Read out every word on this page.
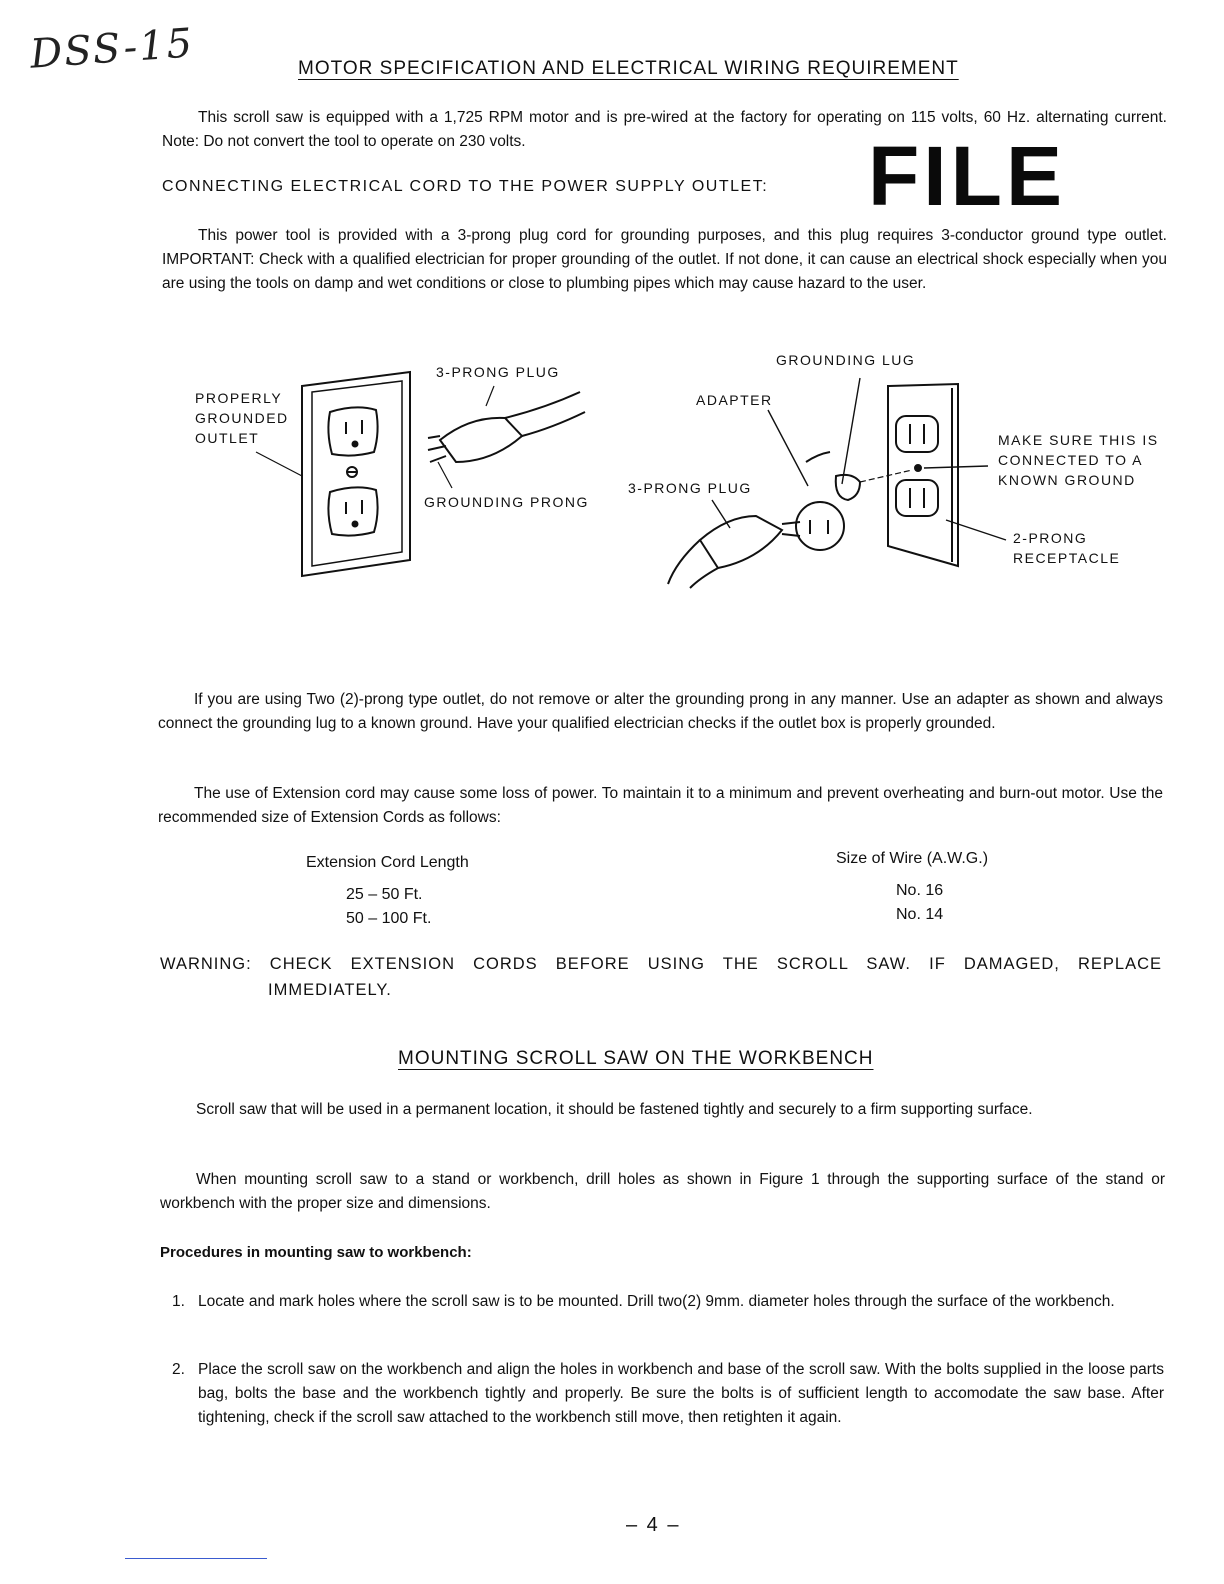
DSS-15
FILE
MOTOR SPECIFICATION AND ELECTRICAL WIRING REQUIREMENT
This scroll saw is equipped with a 1,725 RPM motor and is pre-wired at the factory for operating on 115 volts, 60 Hz. alternating current. Note: Do not convert the tool to operate on 230 volts.
CONNECTING ELECTRICAL CORD TO THE POWER SUPPLY OUTLET:
This power tool is provided with a 3-prong plug cord for grounding purposes, and this plug requires 3-conductor ground type outlet. IMPORTANT: Check with a qualified electrician for proper grounding of the outlet. If not done, it can cause an electrical shock especially when you are using the tools on damp and wet conditions or close to plumbing pipes which may cause hazard to the user.
PROPERLY
GROUNDED
OUTLET
3-PRONG PLUG
GROUNDING PRONG
GROUNDING LUG
ADAPTER
3-PRONG PLUG
MAKE SURE THIS IS
CONNECTED TO A
KNOWN GROUND
2-PRONG
RECEPTACLE
If you are using Two (2)-prong type outlet, do not remove or alter the grounding prong in any manner. Use an adapter as shown and always connect the grounding lug to a known ground. Have your qualified electrician checks if the outlet box is properly grounded.
The use of Extension cord may cause some loss of power. To maintain it to a minimum and prevent overheating and burn-out motor. Use the recommended size of Extension Cords as follows:
Extension Cord Length	Size of Wire (A.W.G.)
25 – 50 Ft.	No. 16
50 – 100 Ft.	No. 14
WARNING: CHECK EXTENSION CORDS BEFORE USING THE SCROLL SAW. IF DAMAGED, REPLACE
IMMEDIATELY.
MOUNTING SCROLL SAW ON THE WORKBENCH
Scroll saw that will be used in a permanent location, it should be fastened tightly and securely to a firm supporting surface.
When mounting scroll saw to a stand or workbench, drill holes as shown in Figure 1 through the supporting surface of the stand or workbench with the proper size and dimensions.
Procedures in mounting saw to workbench:
1. Locate and mark holes where the scroll saw is to be mounted. Drill two(2) 9mm. diameter holes through the surface of the workbench.
2. Place the scroll saw on the workbench and align the holes in workbench and base of the scroll saw. With the bolts supplied in the loose parts bag, bolts the base and the workbench tightly and properly. Be sure the bolts is of sufficient length to accomodate the saw base. After tightening, check if the scroll saw attached to the workbench still move, then retighten it again.
– 4 –
